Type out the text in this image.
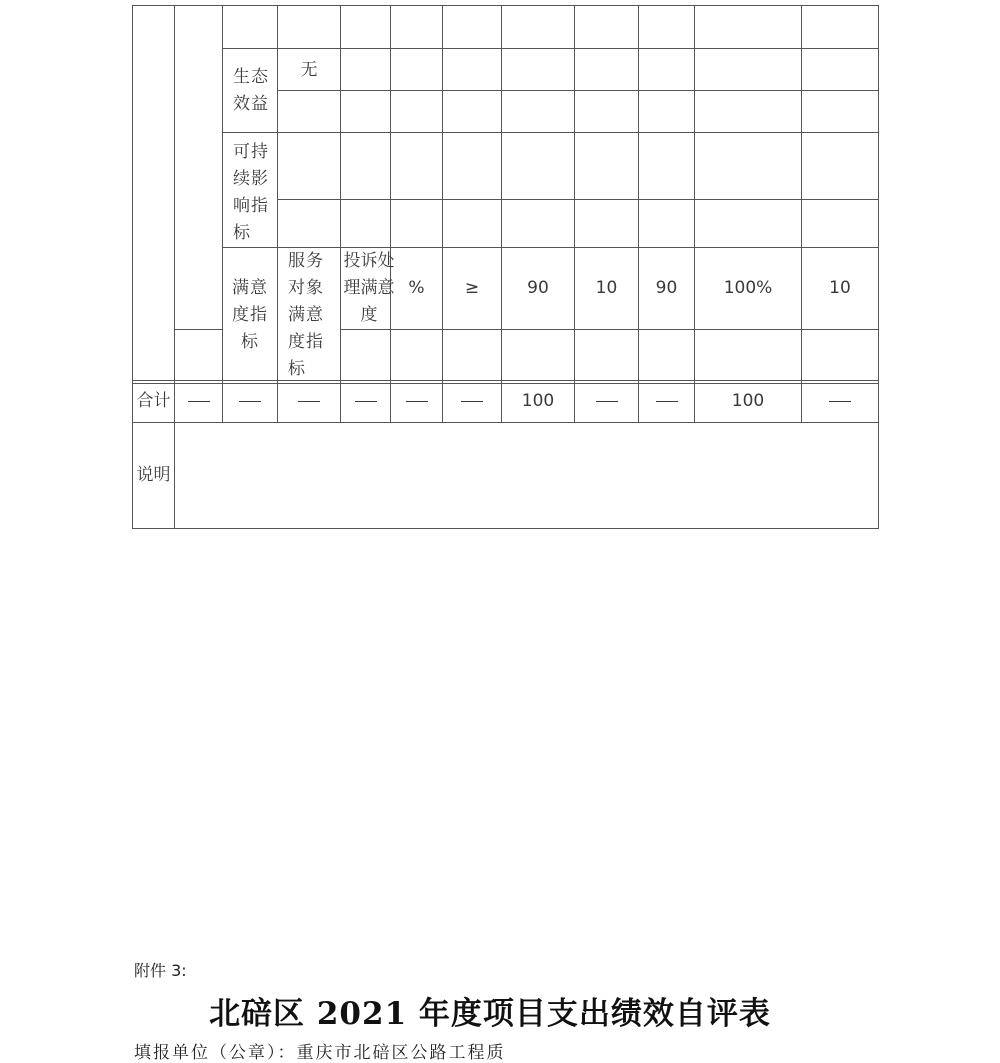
		生态效益	无									

		可持续影响指标										

		满意度指标	服务对象满意度指标	投诉处理满意度	%	≥	90	10	90	100%	10	

合计							100			100	
说明											
附件 3:
北碚区 2021 年度项目支出绩效自评表
填报单位（公章）：重庆市北碚区公路工程质
